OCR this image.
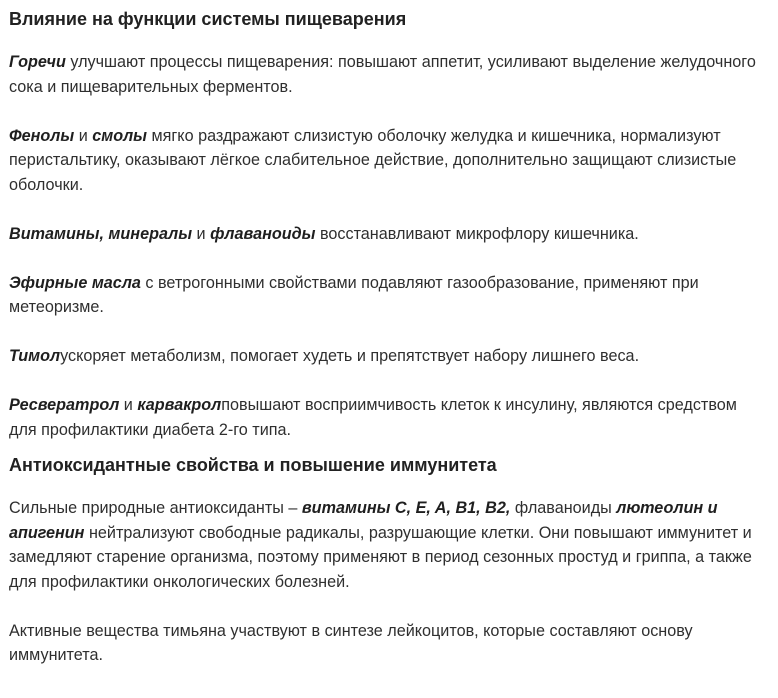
Влияние на функции системы пищеварения

Горечи улучшают процессы пищеварения: повышают аппетит, усиливают выделение желудочного сока и пищеварительных ферментов.

Фенолы и смолы мягко раздражают слизистую оболочку желудка и кишечника, нормализуют перистальтику, оказывают лёгкое слабительное действие, дополнительно защищают слизистые оболочки.

Витамины, минералы и флаваноиды восстанавливают микрофлору кишечника.

Эфирные масла с ветрогонными свойствами подавляют газообразование, применяют при метеоризме.

Тимолускоряет метаболизм, помогает худеть и препятствует набору лишнего веса.

Ресвератрол и карвакролповышают восприимчивость клеток к инсулину, являются средством для профилактики диабета 2-го типа.

Антиоксидантные свойства и повышение иммунитета

Сильные природные антиоксиданты – витамины C, E, A, B1, B2, флаваноиды лютеолин и апигенин нейтрализуют свободные радикалы, разрушающие клетки. Они повышают иммунитет и замедляют старение организма, поэтому применяют в период сезонных простуд и гриппа, а также для профилактики онкологических болезней.

Активные вещества тимьяна участвуют в синтезе лейкоцитов, которые составляют основу иммунитета.
